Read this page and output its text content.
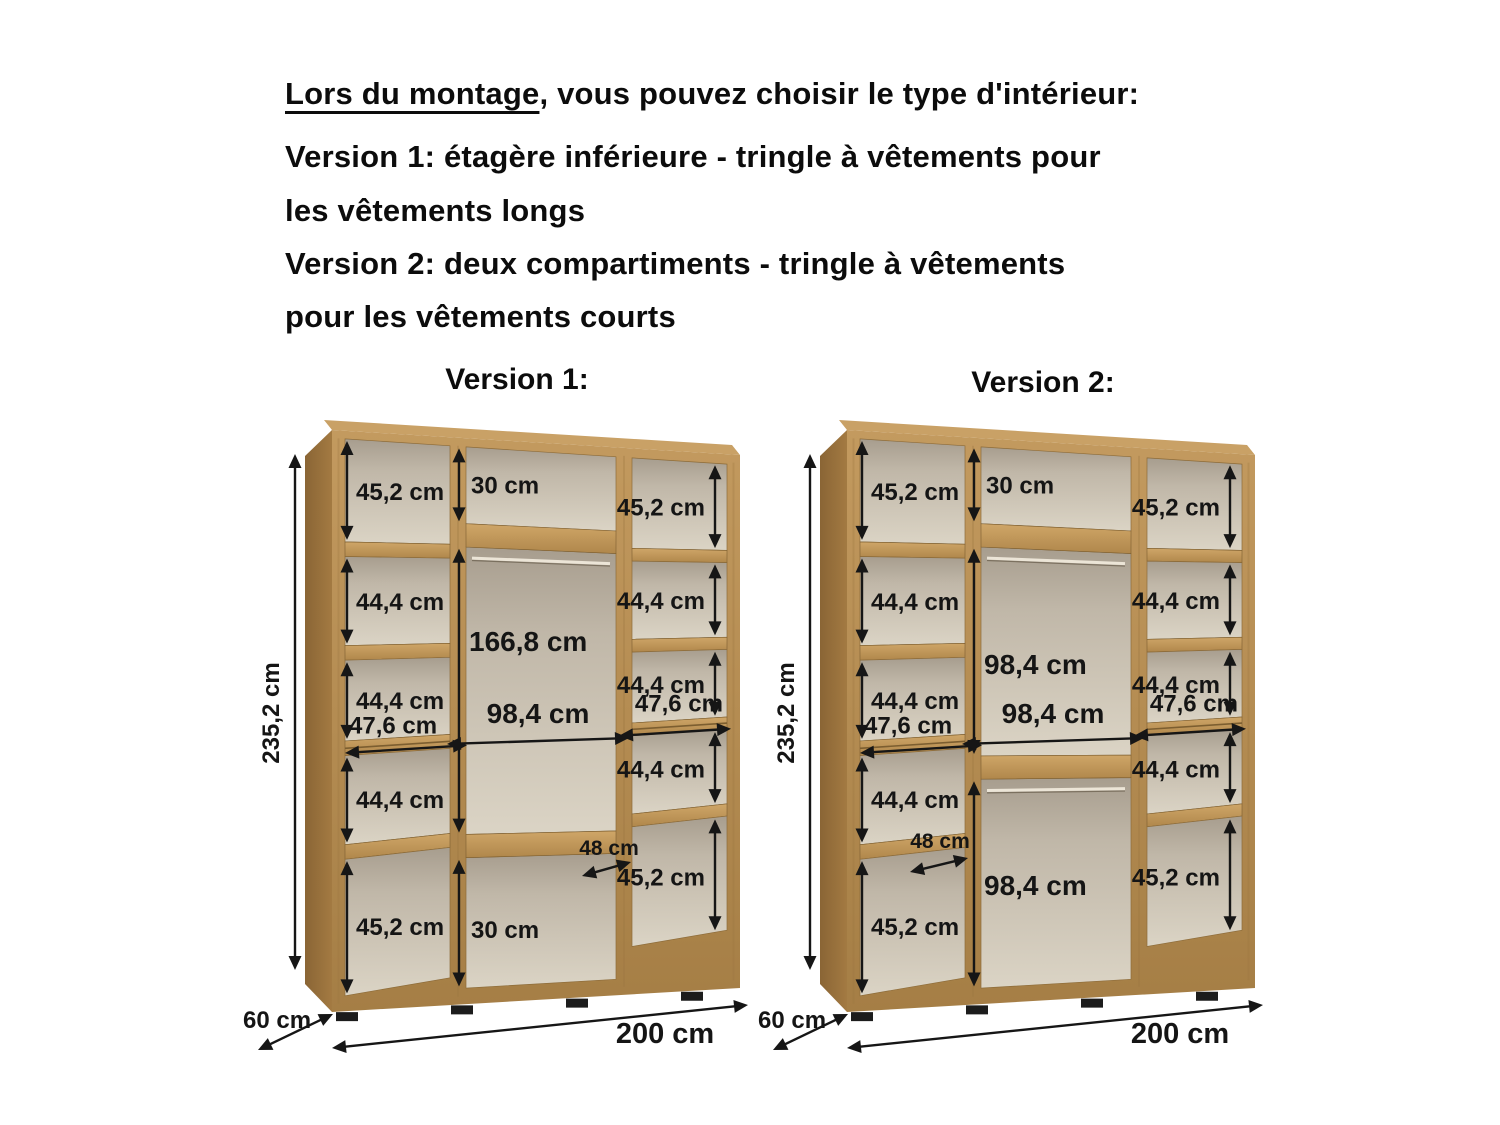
Lors du montage, vous pouvez choisir le type d'intérieur:
Version 1: étagère inférieure - tringle à vêtements pour
les vêtements longs
Version 2: deux compartiments - tringle à vêtements
pour les vêtements courts
Version 1:	Version 2:
45,2 cm
45,2 cm
44,4 cm	44,4 cm
44,4 cm
44,4 cm
44,4 cm
44,4 cm
45,2 cm
45,2 cm
47,6 cm
47,6 cm
30 cm
166,8 cm
30 cm
48 cm
98,4 cm
235,2 cm
200 cm
60 cm
45,2 cm
45,2 cm
44,4 cm	44,4 cm
44,4 cm
44,4 cm
44,4 cm
44,4 cm
45,2 cm
45,2 cm
47,6 cm
47,6 cm
30 cm
98,4 cm
98,4 cm
48 cm
98,4 cm
235,2 cm
200 cm
60 cm
